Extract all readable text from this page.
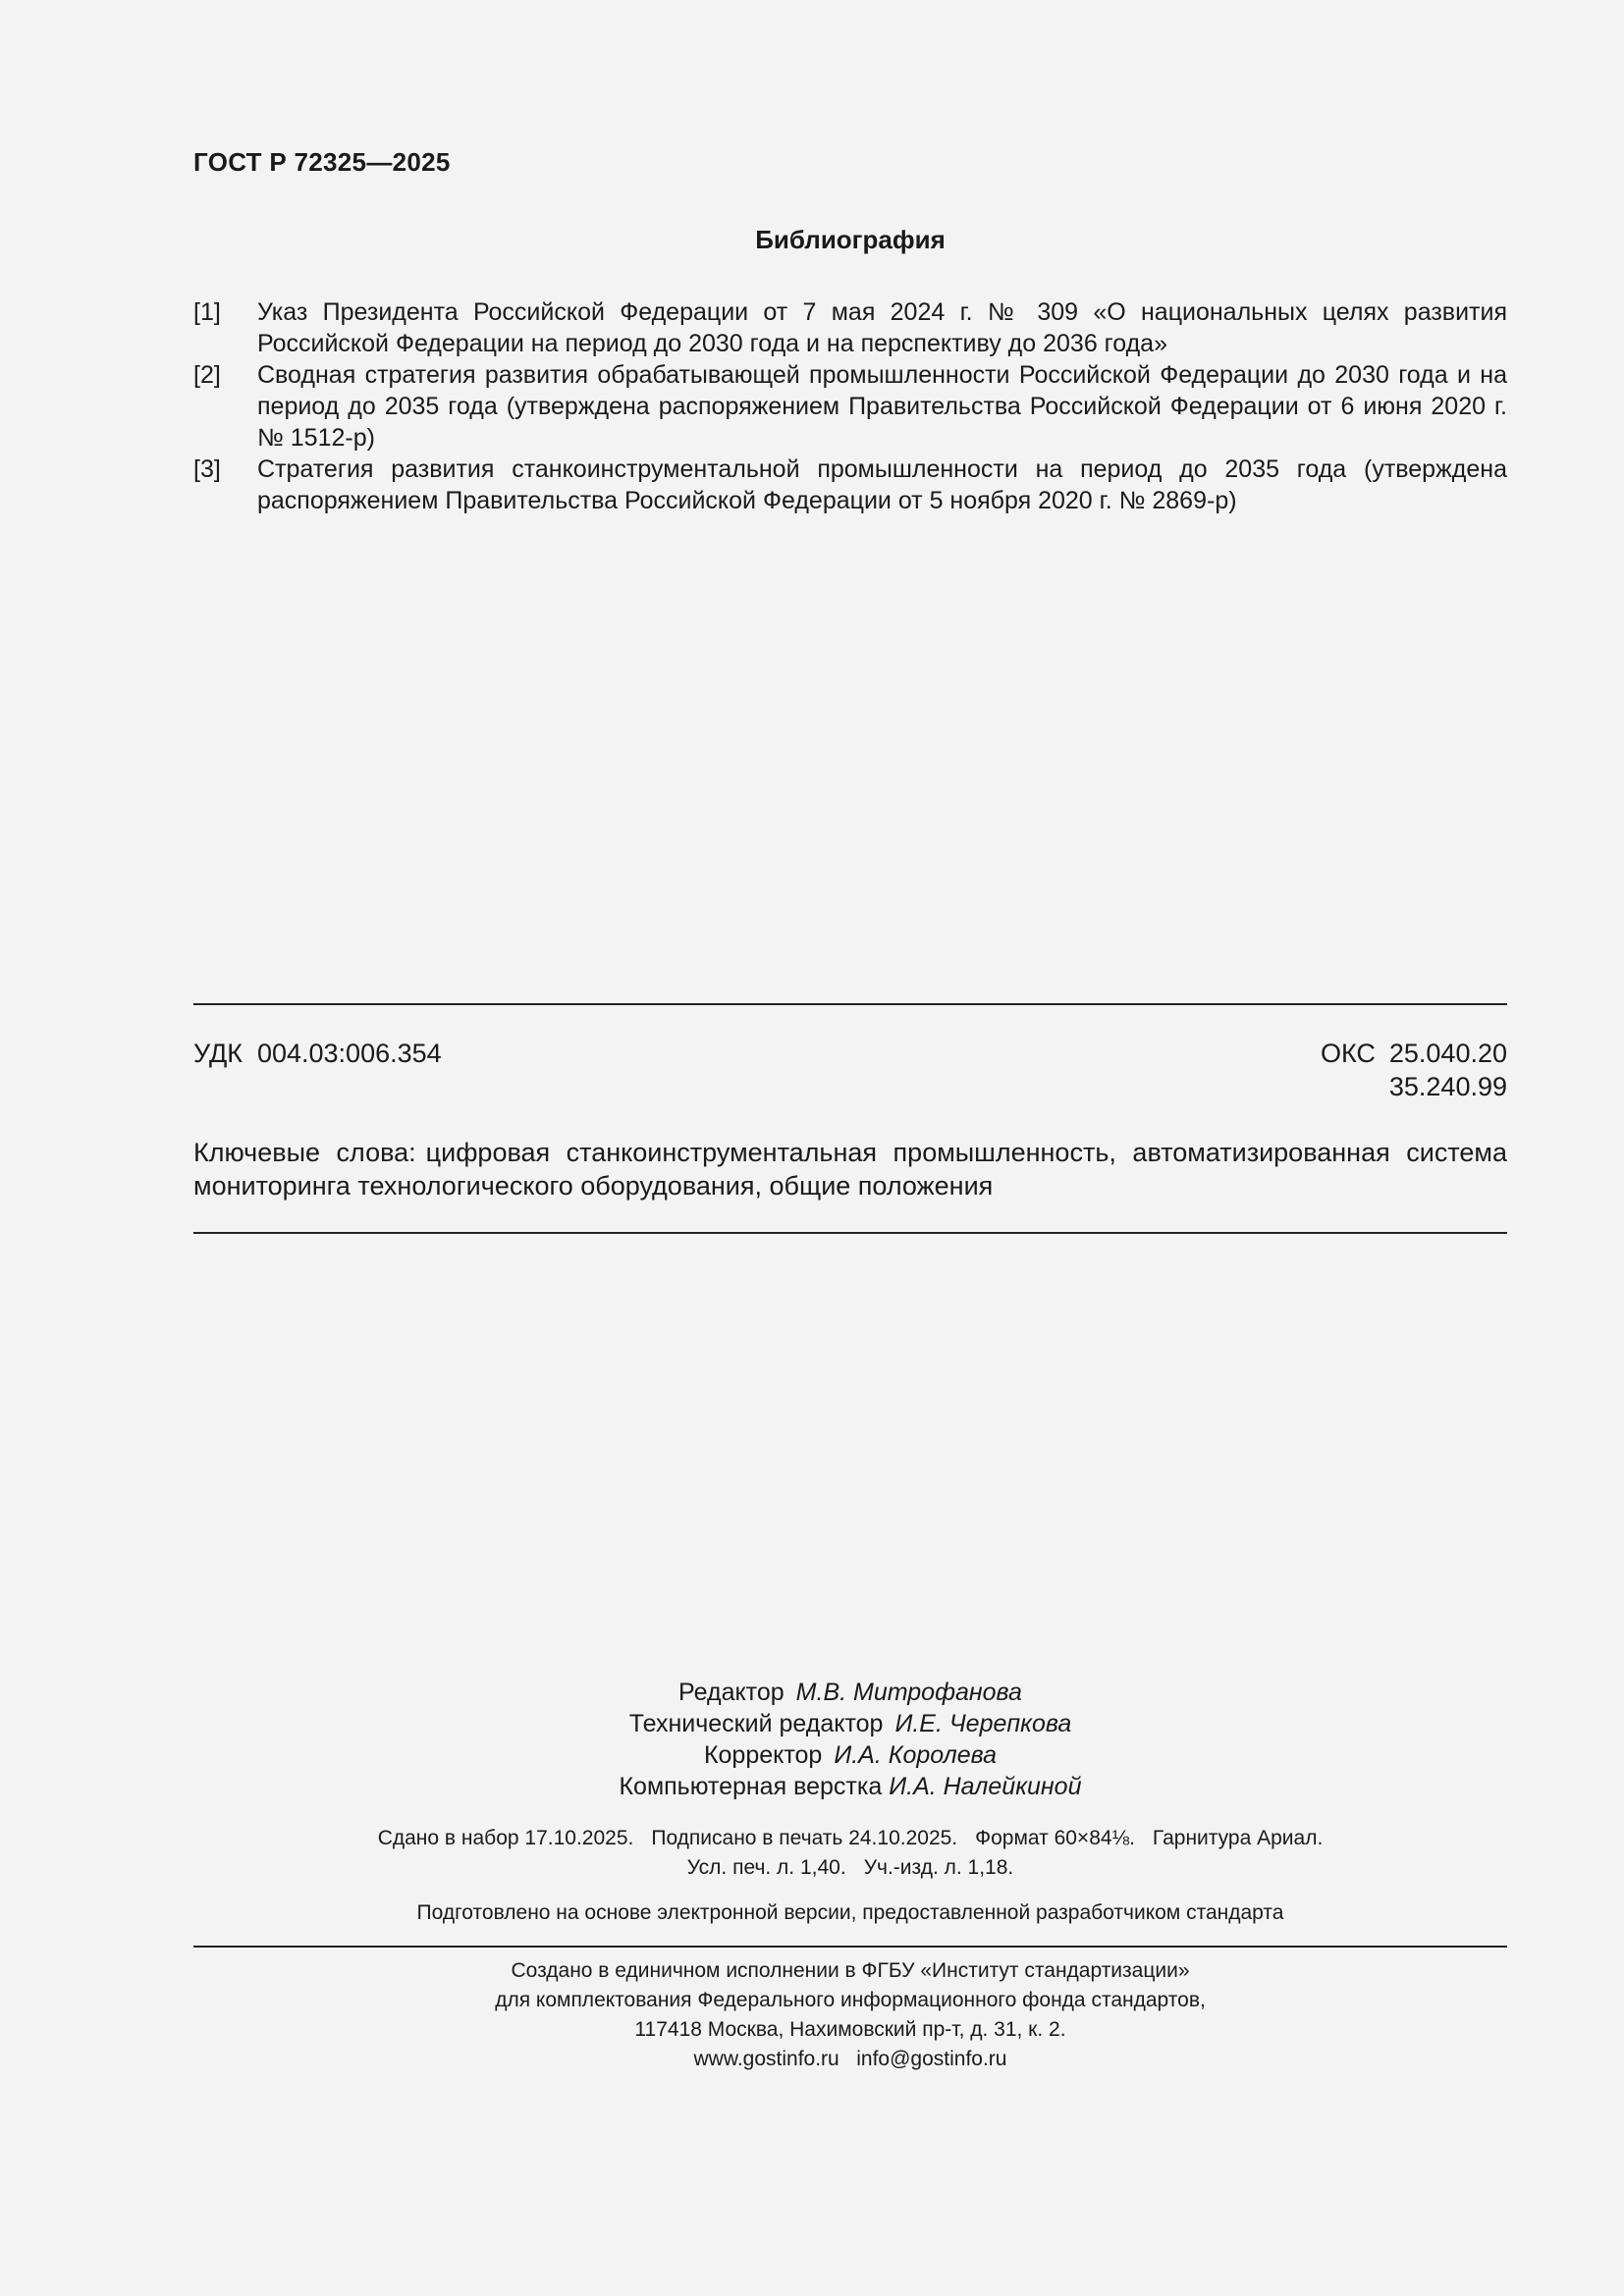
ГОСТ Р 72325—2025
Библиография
[1]	Указ Президента Российской Федерации от 7 мая 2024 г. № 309 «О национальных целях развития Российской Федерации на период до 2030 года и на перспективу до 2036 года»
[2]	Сводная стратегия развития обрабатывающей промышленности Российской Федерации до 2030 года и на период до 2035 года (утверждена распоряжением Правительства Российской Федерации от 6 июня 2020 г. № 1512-р)
[3]	Стратегия развития станкоинструментальной промышленности на период до 2035 года (утверждена распоряжением Правительства Российской Федерации от 5 ноября 2020 г. № 2869-р)
УДК 004.03:006.354	ОКС 25.040.20
35.240.99
Ключевые слова: цифровая станкоинструментальная промышленность, автоматизированная система мониторинга технологического оборудования, общие положения
Редактор М.В. Митрофанова
Технический редактор И.Е. Черепкова
Корректор И.А. Королева
Компьютерная верстка И.А. Налейкиной
Сдано в набор 17.10.2025. Подписано в печать 24.10.2025. Формат 60×84⅛. Гарнитура Ариал.
Усл. печ. л. 1,40. Уч.-изд. л. 1,18.
Подготовлено на основе электронной версии, предоставленной разработчиком стандарта
Создано в единичном исполнении в ФГБУ «Институт стандартизации»
для комплектования Федерального информационного фонда стандартов,
117418 Москва, Нахимовский пр-т, д. 31, к. 2.
www.gostinfo.ru info@gostinfo.ru
